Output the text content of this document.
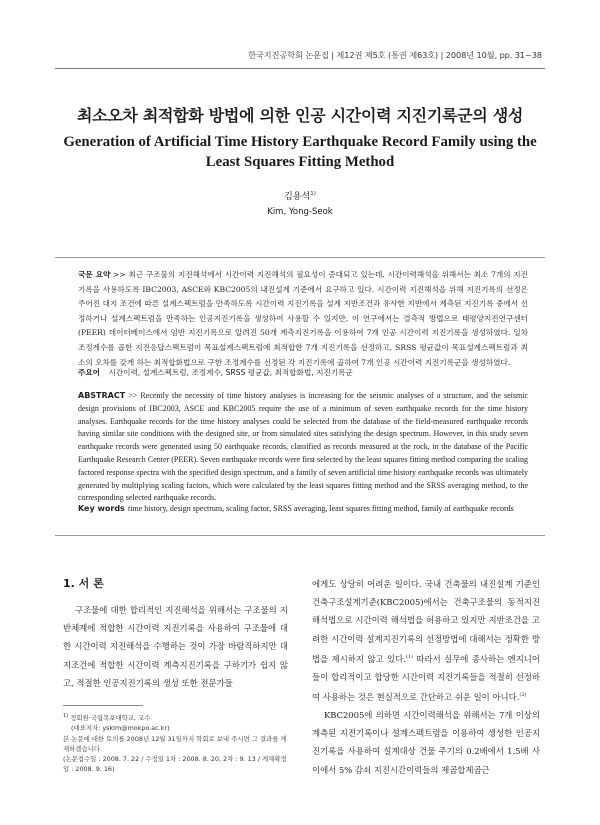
한국지진공학회 논문집 | 제12권 제5호 (통권 제63호) | 2008년 10월, pp. 31~38
최소오차 최적합화 방법에 의한 인공 시간이력 지진기록군의 생성
Generation of Artificial Time History Earthquake Record Family using the Least Squares Fitting Method
김용석$^{1)}$
Kim, Yong-Seok
국문 요약 >> 최근 구조물의 지진해석에서 시간이력 지진해석의 필요성이 증대되고 있는데, 시간이력해석을 위해서는 최소 7개의 지진기록을 사용하도록 IBC2003, ASCE와 KBC2005의 내진설계 기준에서 요구하고 있다. 시간이력 지진해석을 위해 지진기록의 선정은 주어진 대지 조건에 따른 설계스펙트럼을 만족하도록 시간이력 지진기록을 설계 지반조건과 유사한 지반에서 계측된 지진기록 중에서 선정하거나 설계스펙트럼을 만족하는 인공지진기록을 생성하여 사용할 수 있지만, 이 연구에서는 결측적 방법으로 태평양지진연구센터(PEER) 데이터베이스에서 임반 지진기록으로 알려진 50개 계측지진기록을 이용하여 7개 인공 시간이력 지진기록을 생성하였다. 일차 조정계수를 곱한 지진응답스펙트럼이 목표설계스펙트럼에 최적합한 7개 지진기록을 선정하고, SRSS 평균값이 목표설계스펙트럼과 최소의 오차를 갖게 하는 최적합화법으로 구한 조정계수를 선정된 각 지진기록에 곱하여 7개 인공 시간이력 지진기록군을 생성하였다.
주요어 시간이력, 설계스펙트럼, 조정계수, SRSS 평균값, 최적합화법, 지진기록군
ABSTRACT >> Recently the necessity of time history analyses is increasing for the seismic analyses of a structure, and the seismic design provisions of IBC2003, ASCE and KBC2005 require the use of a minimum of seven earthquake records for the time history analyses. Earthquake records for the time history analyses could be selected from the database of the field-measured earthquake records having similar site conditions with the designed site, or from simulated sites satisfying the design spectrum. However, in this study seven earthquake records were generated using 50 earthquake records, classified as records measured at the rock, in the database of the Pacific Earthquake Research Center (PEER). Seven earthquake records were first selected by the least squares fitting method comparing the scaling factored response spectra with the specified design spectrum, and a family of seven artificial time history earthquake records was ultimately generated by multiplying scaling factors, which were calculated by the least squares fitting method and the SRSS averaging method, to the corresponding selected earthquake records.
Key words time history, design spectrum, scaling factor, SRSS averaging, least squares fitting method, family of earthquake records
1. 서 론

구조물에 대한 합리적인 지진해석을 위해서는 구조물의 지반체계에 적합한 시간이력 지진기록을 사용하여 구조물에 대한 시간이력 지진해석을 수행하는 것이 가장 바람직하지만 대지조건에 적합한 시간이력 계측지진기록을 구하기가 쉽지 않고, 적절한 인공지진기록의 생성 또한 전문가들

에게도 상당히 어려운 일이다. 국내 건축물의 내진설계 기준인 건축구조설계기준(KBC2005)에서는 건축구조물의 동적지진해석법으로 시간이력 해석법을 허용하고 있지만 지반조건을 고려한 시간이력 설계지진기록의 선정방법에 대해서는 정확한 방법을 제시하지 않고 있다.$^{(1)}$ 따라서 실무에 종사하는 엔지니어들이 합리적이고 합당한 시간이력 지진기록들을 적절히 선정하여 사용하는 것은 현실적으로 간단하고 쉬운 일이 아니다.$^{(2)}$

KBC2005에 의하면 시간이력해석을 위해서는 7개 이상의 계측된 지진기록이나 설계스펙트럼을 이용하여 생성한 인공지진기록을 사용하여 설계대상 건물 주기의 0.2배에서 1.5배 사이에서 5% 감쇠 지진시간이력들의 제곱합제곱근

$^{1)}$ 정회원·국립목포대학교, 교수

(대표저자: yskim@mokpo.ac.kr)

본 논문에 대한 토의를 2008년 12월 31일까지 학회로 보내 주시면 그 결과를 게재하겠습니다.

(논문접수일 : 2008. 7. 22 / 수정일 1차 : 2008. 8. 20, 2차 : 9. 13 / 게재확정일 : 2008. 9. 16)
